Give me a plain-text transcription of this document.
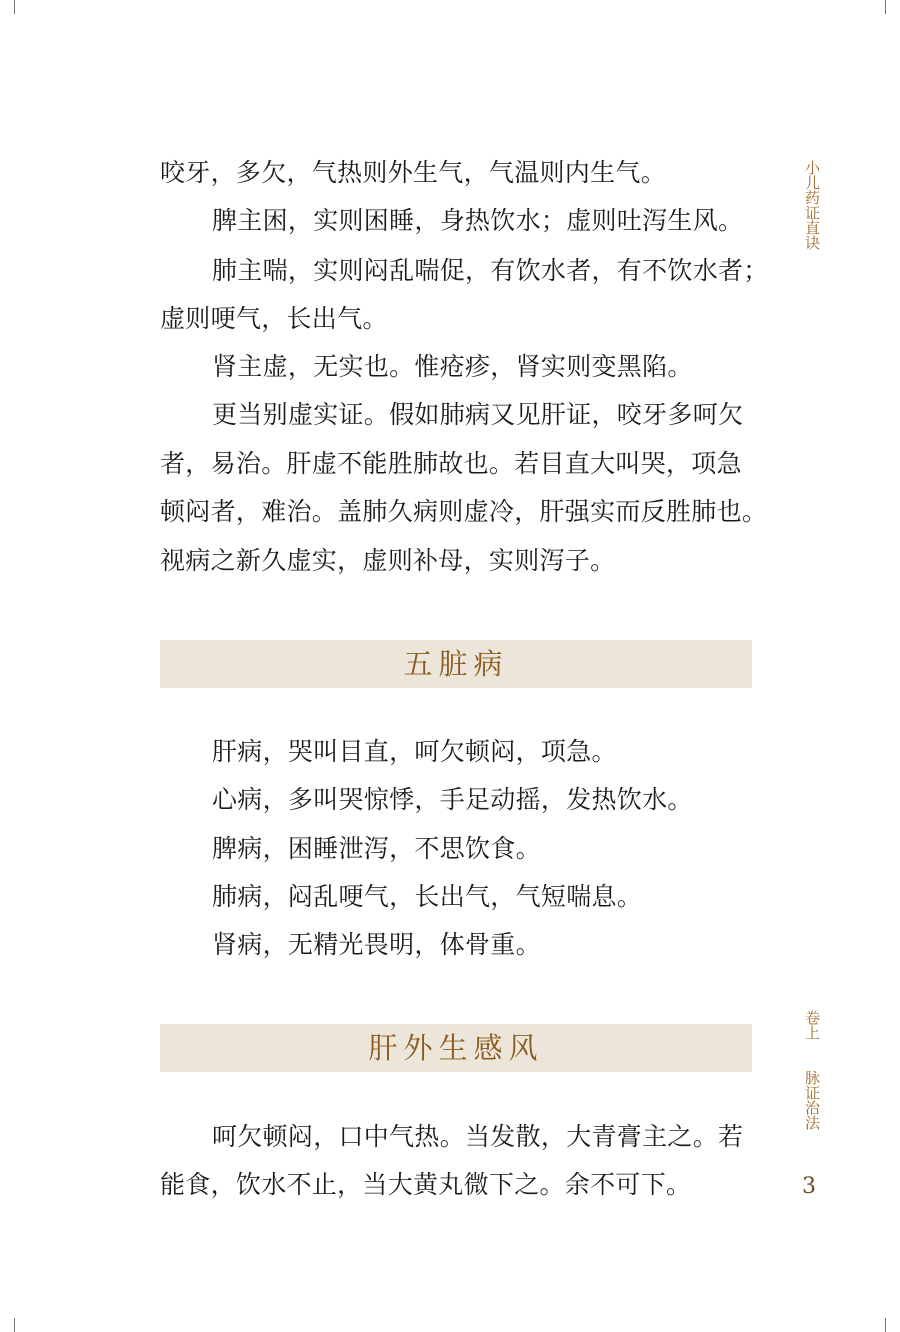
小儿药证直诀
卷上
脉证治法
3
咬牙，多欠，气热则外生气，气温则内生气。
脾主困，实则困睡，身热饮水；虚则吐泻生风。
肺主喘，实则闷乱喘促，有饮水者，有不饮水者；
虚则哽气，长出气。
肾主虚，无实也。惟疮疹，肾实则变黑陷。
更当别虚实证。假如肺病又见肝证，咬牙多呵欠
者，易治。肝虚不能胜肺故也。若目直大叫哭，项急
顿闷者，难治。盖肺久病则虚冷，肝强实而反胜肺也。
视病之新久虚实，虚则补母，实则泻子。
五脏病
肝病，哭叫目直，呵欠顿闷，项急。
心病，多叫哭惊悸，手足动摇，发热饮水。
脾病，困睡泄泻，不思饮食。
肺病，闷乱哽气，长出气，气短喘息。
肾病，无精光畏明，体骨重。
肝外生感风
呵欠顿闷，口中气热。当发散，大青膏主之。若
能食，饮水不止，当大黄丸微下之。余不可下。
